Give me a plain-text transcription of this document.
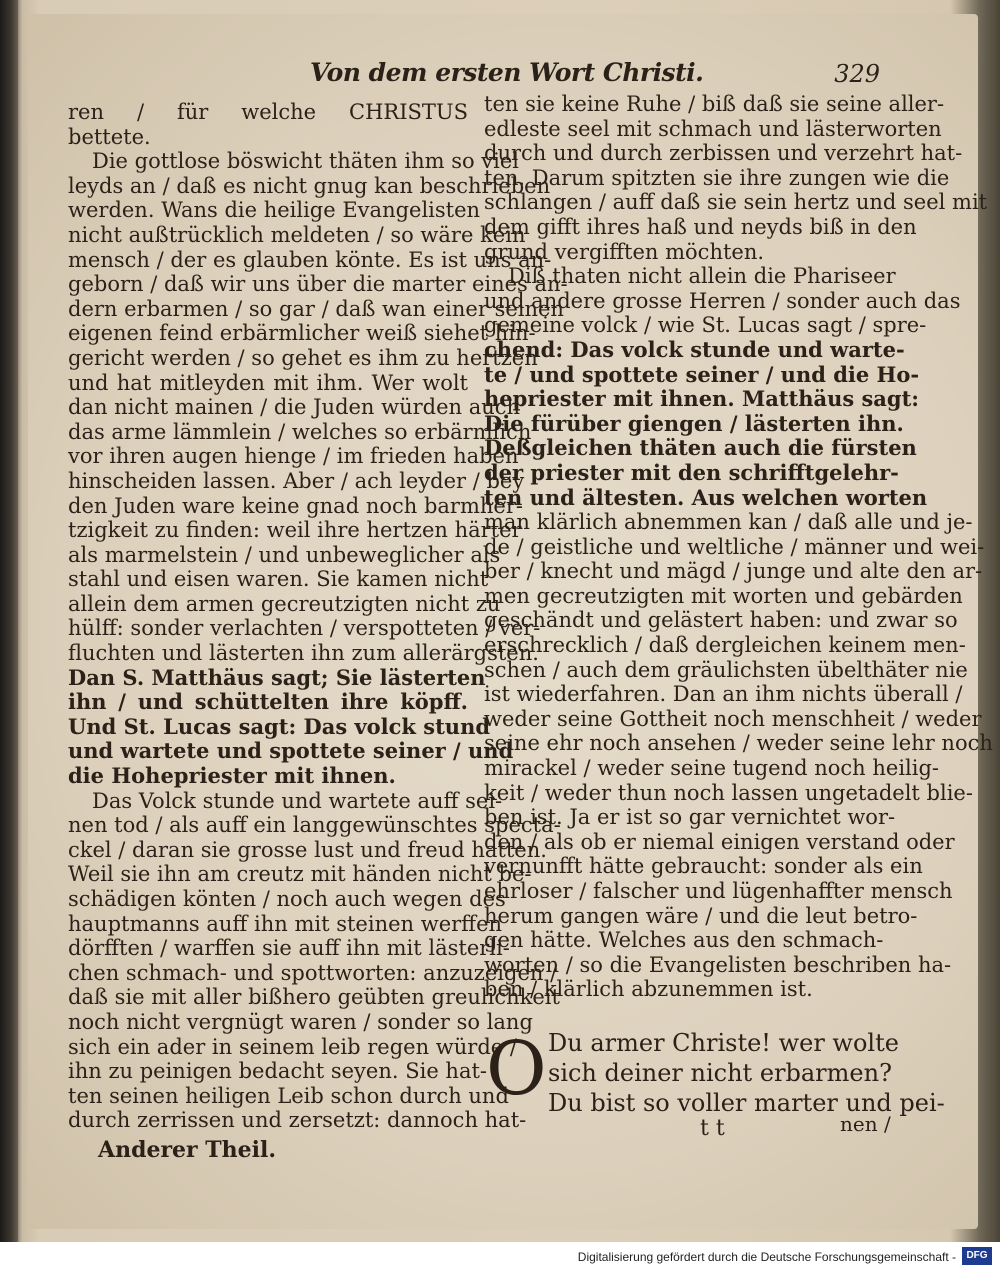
Von dem ersten Wort Christi.	329
ren / für welche CHRISTUS
bettete.
Die gottlose böswicht thäten ihm so viel
leyds an / daß es nicht gnug kan beschrieben
werden. Wans die heilige Evangelisten
nicht außtrücklich meldeten / so wäre kein
mensch / der es glauben könte. Es ist uns an-
geborn / daß wir uns über die marter eines an-
dern erbarmen / so gar / daß wan einer seinen
eigenen feind erbärmlicher weiß siehet hin-
gericht werden / so gehet es ihm zu hertzen
und hat mitleyden mit ihm. Wer wolt
dan nicht mainen / die Juden würden auch
das arme lämmlein / welches so erbärmlich
vor ihren augen hienge / im frieden haben
hinscheiden lassen. Aber / ach leyder / bey
den Juden ware keine gnad noch barmher-
tzigkeit zu finden: weil ihre hertzen härter
als marmelstein / und unbeweglicher als
stahl und eisen waren. Sie kamen nicht
allein dem armen gecreutzigten nicht zu
hülff: sonder verlachten / verspotteten / ver-
fluchten und lästerten ihn zum allerärgsten.
Dan S. Matthäus sagt; Sie lästerten
ihn / und schüttelten ihre köpff.
Und St. Lucas sagt: Das volck stund
und wartete und spottete seiner / und
die Hohepriester mit ihnen.
Das Volck stunde und wartete auff sei-
nen tod / als auff ein langgewünschtes specta-
ckel / daran sie grosse lust und freud hatten.
Weil sie ihn am creutz mit händen nicht be-
schädigen könten / noch auch wegen des
hauptmanns auff ihn mit steinen werffen
dörfften / warffen sie auff ihn mit lästerli-
chen schmach- und spottworten: anzuzeigen /
daß sie mit aller bißhero geübten greulichkeit
noch nicht vergnügt waren / sonder so lang
sich ein ader in seinem leib regen würde /
ihn zu peinigen bedacht seyen. Sie hat-
ten seinen heiligen Leib schon durch und
durch zerrissen und zersetzt: dannoch hat-
ten sie keine Ruhe / biß daß sie seine aller-
edleste seel mit schmach und lästerworten
durch und durch zerbissen und verzehrt hat-
ten. Darum spitzten sie ihre zungen wie die
schlangen / auff daß sie sein hertz und seel mit
dem gifft ihres haß und neyds biß in den
grund vergifften möchten.
Diß thaten nicht allein die Phariseer
und andere grosse Herren / sonder auch das
gemeine volck / wie St. Lucas sagt / spre-
chend: Das volck stunde und warte-
te / und spottete seiner / und die Ho-
hepriester mit ihnen. Matthäus sagt:
Die fürüber giengen / lästerten ihn.
Deßgleichen thäten auch die fürsten
der priester mit den schrifftgelehr-
ten und ältesten. Aus welchen worten
man klärlich abnemmen kan / daß alle und je-
de / geistliche und weltliche / männer und wei-
ber / knecht und mägd / junge und alte den ar-
men gecreutzigten mit worten und gebärden
geschändt und gelästert haben: und zwar so
erschrecklich / daß dergleichen keinem men-
schen / auch dem gräulichsten übelthäter nie
ist wiederfahren. Dan an ihm nichts überall /
weder seine Gottheit noch menschheit / weder
seine ehr noch ansehen / weder seine lehr noch
mirackel / weder seine tugend noch heilig-
keit / weder thun noch lassen ungetadelt blie-
ben ist. Ja er ist so gar vernichtet wor-
den / als ob er niemal einigen verstand oder
vernunfft hätte gebraucht: sonder als ein
ehrloser / falscher und lügenhaffter mensch
herum gangen wäre / und die leut betro-
gen hätte. Welches aus den schmach-
worten / so die Evangelisten beschriben ha-
ben / klärlich abzunemmen ist.
O Du armer Christe! wer wolte
sich deiner nicht erbarmen?
Du bist so voller marter und pei-
t t	nen /
Anderer Theil.
Digitalisierung gefördert durch die Deutsche Forschungsgemeinschaft -	DFG
